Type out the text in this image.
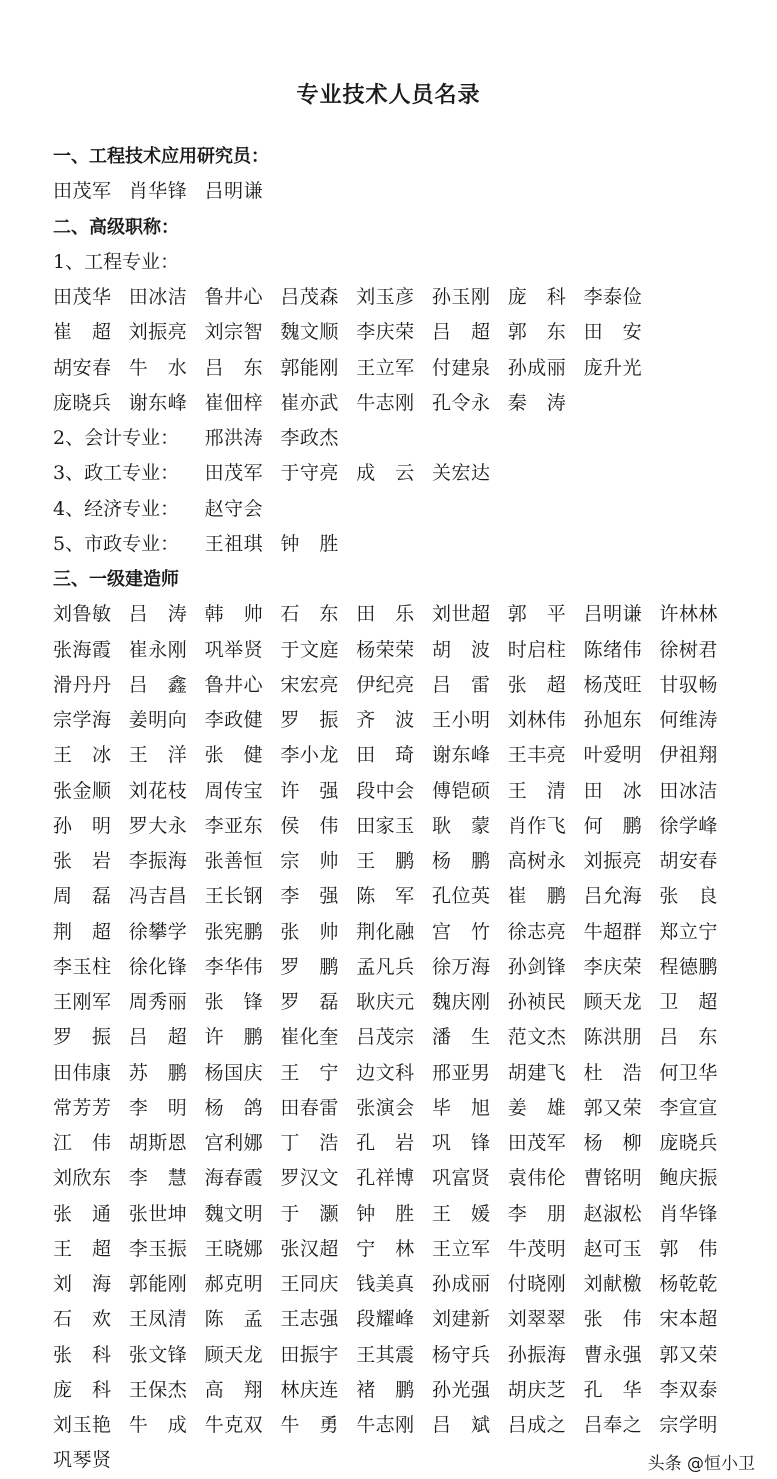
专业技术人员名录
一、工程技术应用研究员：
田茂军 肖华锋 吕明谦
二、高级职称：
1、工程专业：
田茂华 田冰洁 鲁井心 吕茂森 刘玉彦 孙玉刚 庞 科 李泰俭
崔 超 刘振亮 刘宗智 魏文顺 李庆荣 吕 超 郭 东 田 安
胡安春 牛 水 吕 东 郭能刚 王立军 付建泉 孙成丽 庞升光
庞晓兵 谢东峰 崔佃梓 崔亦武 牛志刚 孔令永 秦 涛
2、会计专业： 邢洪涛 李政杰
3、政工专业： 田茂军 于守亮 成 云 关宏达
4、经济专业： 赵守会
5、市政专业： 王祖琪 钟 胜
三、一级建造师
刘鲁敏 吕 涛 韩 帅 石 东 田 乐 刘世超 郭 平 吕明谦 许林林
张海霞 崔永刚 巩举贤 于文庭 杨荣荣 胡 波 时启柱 陈绪伟 徐树君
滑丹丹 吕 鑫 鲁井心 宋宏亮 伊纪亮 吕 雷 张 超 杨茂旺 甘驭畅
宗学海 姜明向 李政健 罗 振 齐 波 王小明 刘林伟 孙旭东 何维涛
王 冰 王 洋 张 健 李小龙 田 琦 谢东峰 王丰亮 叶爱明 伊祖翔
张金顺 刘花枝 周传宝 许 强 段中会 傅铠硕 王 清 田 冰 田冰洁
孙 明 罗大永 李亚东 侯 伟 田家玉 耿 蒙 肖作飞 何 鹏 徐学峰
张 岩 李振海 张善恒 宗 帅 王 鹏 杨 鹏 高树永 刘振亮 胡安春
周 磊 冯吉昌 王长钢 李 强 陈 军 孔位英 崔 鹏 吕允海 张 良
荆 超 徐攀学 张宪鹏 张 帅 荆化融 宫 竹 徐志亮 牛超群 郑立宁
李玉柱 徐化锋 李华伟 罗 鹏 孟凡兵 徐万海 孙剑锋 李庆荣 程德鹏
王刚军 周秀丽 张 锋 罗 磊 耿庆元 魏庆刚 孙祯民 顾天龙 卫 超
罗 振 吕 超 许 鹏 崔化奎 吕茂宗 潘 生 范文杰 陈洪朋 吕 东
田伟康 苏 鹏 杨国庆 王 宁 边文科 邢亚男 胡建飞 杜 浩 何卫华
常芳芳 李 明 杨 鸽 田春雷 张演会 毕 旭 姜 雄 郭又荣 李宣宣
江 伟 胡斯恩 宫利娜 丁 浩 孔 岩 巩 锋 田茂军 杨 柳 庞晓兵
刘欣东 李 慧 海春霞 罗汉文 孔祥博 巩富贤 袁伟伦 曹铭明 鲍庆振
张 通 张世坤 魏文明 于 灏 钟 胜 王 媛 李 朋 赵淑松 肖华锋
王 超 李玉振 王晓娜 张汉超 宁 林 王立军 牛茂明 赵可玉 郭 伟
刘 海 郭能刚 郝克明 王同庆 钱美真 孙成丽 付晓刚 刘献檄 杨乾乾
石 欢 王凤清 陈 孟 王志强 段耀峰 刘建新 刘翠翠 张 伟 宋本超
张 科 张文锋 顾天龙 田振宇 王其震 杨守兵 孙振海 曹永强 郭又荣
庞 科 王保杰 高 翔 林庆连 褚 鹏 孙光强 胡庆芝 孔 华 李双泰
刘玉艳 牛 成 牛克双 牛 勇 牛志刚 吕 斌 吕成之 吕奉之 宗学明
巩琴贤	头条 @恒小卫
